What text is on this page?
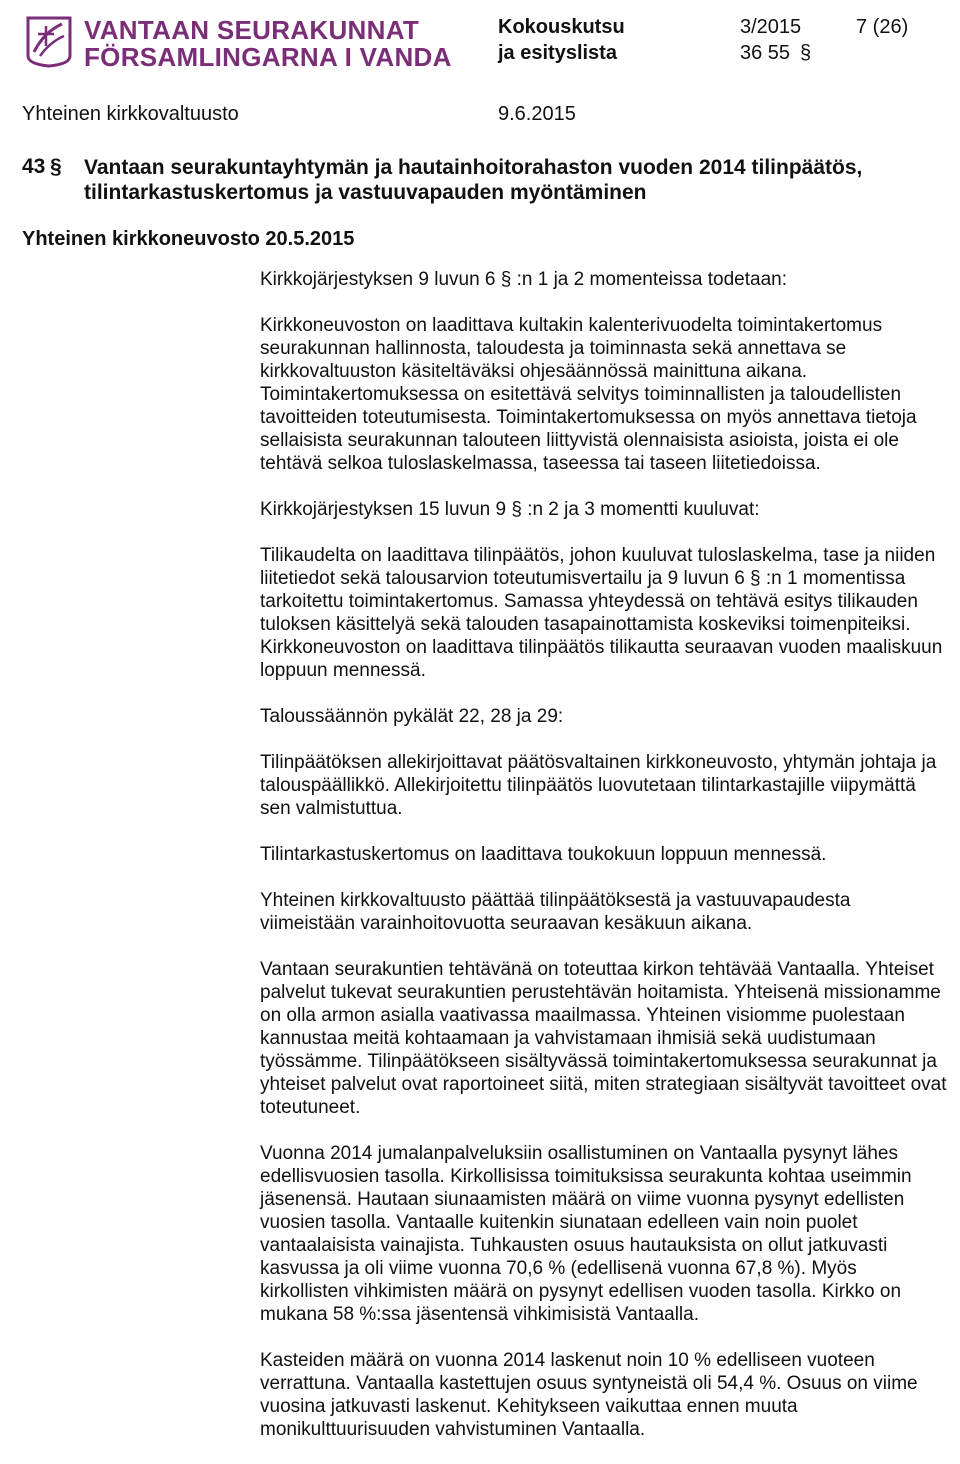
VANTAAN SEURAKUNNAT
FÖRSAMLINGARNA I VANDA
Kokouskutsu
ja esityslista
3/2015
36 55 §
7 (26)
Yhteinen kirkkovaltuusto	9.6.2015
43 § Vantaan seurakuntayhtymän ja hautainhoitorahaston vuoden 2014 tilinpäätös, tilintarkastuskertomus ja vastuuvapauden myöntäminen
Yhteinen kirkkoneuvosto 20.5.2015

Kirkkojärjestyksen 9 luvun 6 § :n 1 ja 2 momenteissa todetaan:

Kirkkoneuvoston on laadittava kultakin kalenterivuodelta toimintakertomus seurakunnan hallinnosta, taloudesta ja toiminnasta sekä annettava se kirkkovaltuuston käsiteltäväksi ohjesäännössä mainittuna aikana. Toimintakertomuksessa on esitettävä selvitys toiminnallisten ja taloudellisten tavoitteiden toteutumisesta. Toimintakertomuksessa on myös annettava tietoja sellaisista seurakunnan talouteen liittyvistä olennaisista asioista, joista ei ole tehtävä selkoa tuloslaskelmassa, taseessa tai taseen liitetiedoissa.

Kirkkojärjestyksen 15 luvun 9 § :n 2 ja 3 momentti kuuluvat:

Tilikaudelta on laadittava tilinpäätös, johon kuuluvat tuloslaskelma, tase ja niiden liitetiedot sekä talousarvion toteutumisvertailu ja 9 luvun 6 § :n 1 momentissa tarkoitettu toimintakertomus. Samassa yhteydessä on tehtävä esitys tilikauden tuloksen käsittelyä sekä talouden tasapainottamista koskeviksi toimenpiteiksi. Kirkkoneuvoston on laadittava tilinpäätös tilikautta seuraavan vuoden maaliskuun loppuun mennessä.

Taloussäännön pykälät 22, 28 ja 29:

Tilinpäätöksen allekirjoittavat päätösvaltainen kirkkoneuvosto, yhtymän johtaja ja talouspäällikkö. Allekirjoitettu tilinpäätös luovutetaan tilintarkastajille viipymättä sen valmistuttua.

Tilintarkastuskertomus on laadittava toukokuun loppuun mennessä.

Yhteinen kirkkovaltuusto päättää tilinpäätöksestä ja vastuuvapaudesta viimeistään varainhoitovuotta seuraavan kesäkuun aikana.

Vantaan seurakuntien tehtävänä on toteuttaa kirkon tehtävää Vantaalla. Yhteiset palvelut tukevat seurakuntien perustehtävän hoitamista. Yhteisenä missionamme on olla armon asialla vaativassa maailmassa. Yhteinen visiomme puolestaan kannustaa meitä kohtaamaan ja vahvistamaan ihmisiä sekä uudistumaan työssämme. Tilinpäätökseen sisältyvässä toimintakertomuksessa seurakunnat ja yhteiset palvelut ovat raportoineet siitä, miten strategiaan sisältyvät tavoitteet ovat toteutuneet.

Vuonna 2014 jumalanpalveluksiin osallistuminen on Vantaalla pysynyt lähes edellisvuosien tasolla. Kirkollisissa toimituksissa seurakunta kohtaa useimmin jäsenensä. Hautaan siunaamisten määrä on viime vuonna pysynyt edellisten vuosien tasolla. Vantaalle kuitenkin siunataan edelleen vain noin puolet vantaalaisista vainajista. Tuhkausten osuus hautauksista on ollut jatkuvasti kasvussa ja oli viime vuonna 70,6 % (edellisenä vuonna 67,8 %). Myös kirkollisten vihkimisten määrä on pysynyt edellisen vuoden tasolla. Kirkko on mukana 58 %:ssa jäsentensä vihkimisistä Vantaalla.

Kasteiden määrä on vuonna 2014 laskenut noin 10 % edelliseen vuoteen verrattuna. Vantaalla kastettujen osuus syntyneistä oli 54,4 %. Osuus on viime vuosina jatkuvasti laskenut. Kehitykseen vaikuttaa ennen muuta monikulttuurisuuden vahvistuminen Vantaalla.
